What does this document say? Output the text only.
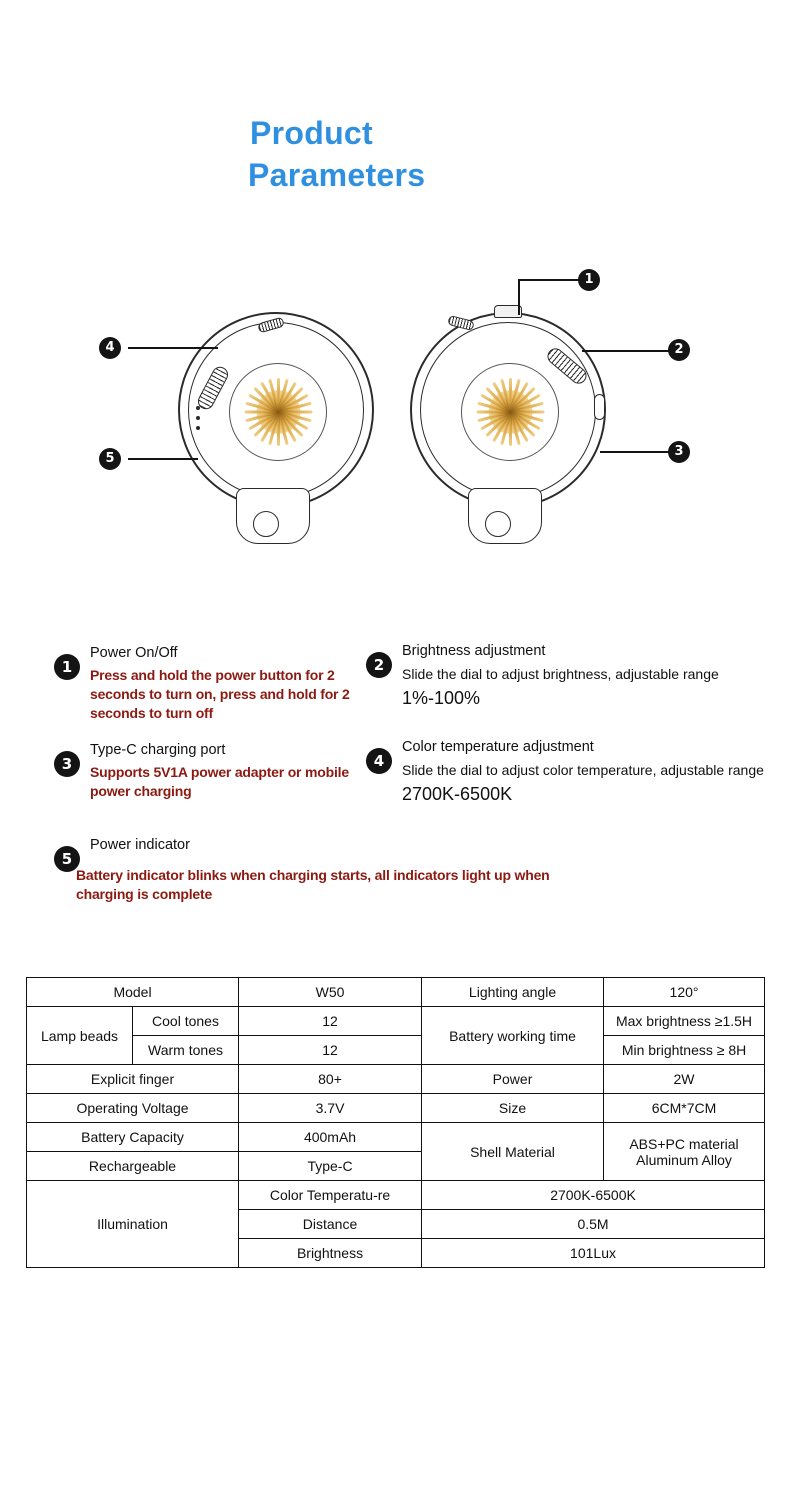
Product
Parameters
1
2
3
4
5
1
Power On/Off
Press and hold the power button for 2 seconds to turn on, press and hold for 2 seconds to turn off
2
Brightness adjustment
Slide the dial to adjust brightness, adjustable range
1%-100%
3
Type-C charging port
Supports 5V1A power adapter or mobile power charging
4
Color temperature adjustment
Slide the dial to adjust color temperature, adjustable range
2700K-6500K
5
Power indicator
Battery indicator blinks when charging starts, all indicators light up when charging is complete
Model		W50	Lighting angle	120°
Lamp beads	Cool tones	12	Battery working time	Max brightness ≥1.5H
	Warm tones	12		Min brightness ≥ 8H
Explicit finger		80+	Power	2W
Operating Voltage		3.7V	Size	6CM*7CM
Battery Capacity		400mAh	Shell Material	ABS+PC material
Aluminum Alloy

Rechargeable		Type-C		
Illumination		Color Temperatu-re	2700K-6500K	
		Distance	0.5M	
		Brightness	101Lux	
